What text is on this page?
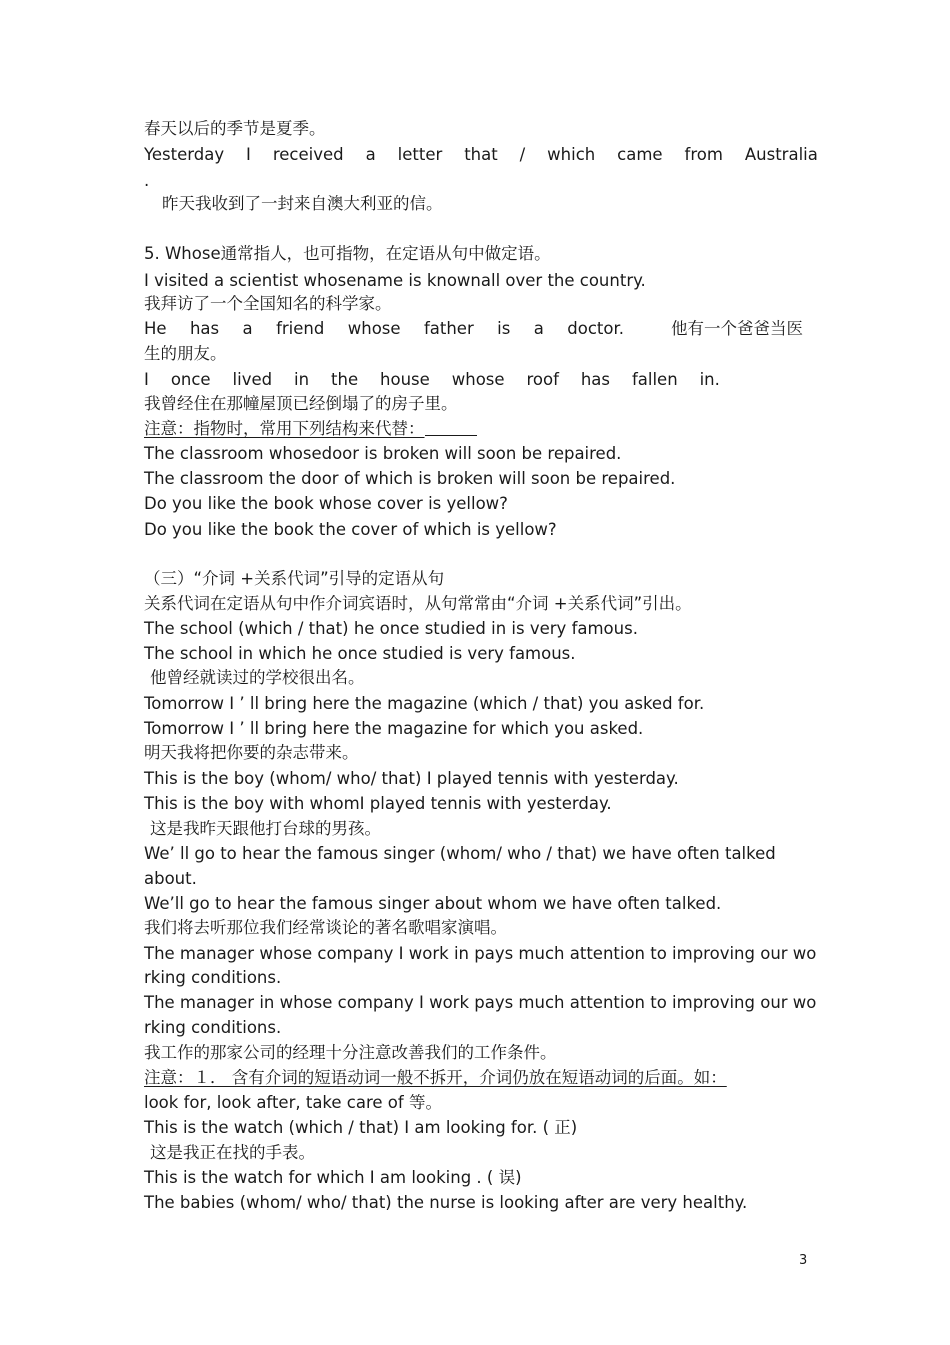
春天以后的季节是夏季。

Yesterday I received a letter that / which came from Australia

.

昨天我收到了一封来自澳大利亚的信。

5. Whose通常指人，也可指物，在定语从句中做定语。

I visited a scientist whosename is knownall over the country.

我拜访了一个全国知名的科学家。

He has a friend whose father is a doctor.	他有一个爸爸当医

生的朋友。

I once lived in the house whose roof has fallen in.

我曾经住在那幢屋顶已经倒塌了的房子里。

注意：指物时，常用下列结构来代替：

The classroom whosedoor is broken will soon be repaired.

The classroom the door of which is broken will soon be repaired.

Do you like the book whose cover is yellow?

Do you like the book the cover of which is yellow?

（三）“介词 +关系代词”引导的定语从句

关系代词在定语从句中作介词宾语时，从句常常由“介词 +关系代词”引出。

The school (which / that) he once studied in is very famous.

The school in which he once studied is very famous.

他曾经就读过的学校很出名。

Tomorrow I ’ ll bring here the magazine (which / that) you asked for.

Tomorrow I ’ ll bring here the magazine for which you asked.

明天我将把你要的杂志带来。

This is the boy (whom/ who/ that) I played tennis with yesterday.

This is the boy with whomI played tennis with yesterday.

这是我昨天跟他打台球的男孩。

We’ ll go to hear the famous singer (whom/ who / that) we have often talked

about.

We’ll go to hear the famous singer about whom we have often talked.

我们将去听那位我们经常谈论的著名歌唱家演唱。

The manager whose company I work in pays much attention to improving our wo

rking conditions.

The manager in whose company I work pays much attention to improving our wo

rking conditions.

我工作的那家公司的经理十分注意改善我们的工作条件。

注意：１． 含有介词的短语动词一般不拆开，介词仍放在短语动词的后面。如：

look for, look after, take care of 等。

This is the watch (which / that) I am looking for. ( 正)

这是我正在找的手表。

This is the watch for which I am looking . ( 误)

The babies (whom/ who/ that) the nurse is looking after are very healthy.

3
